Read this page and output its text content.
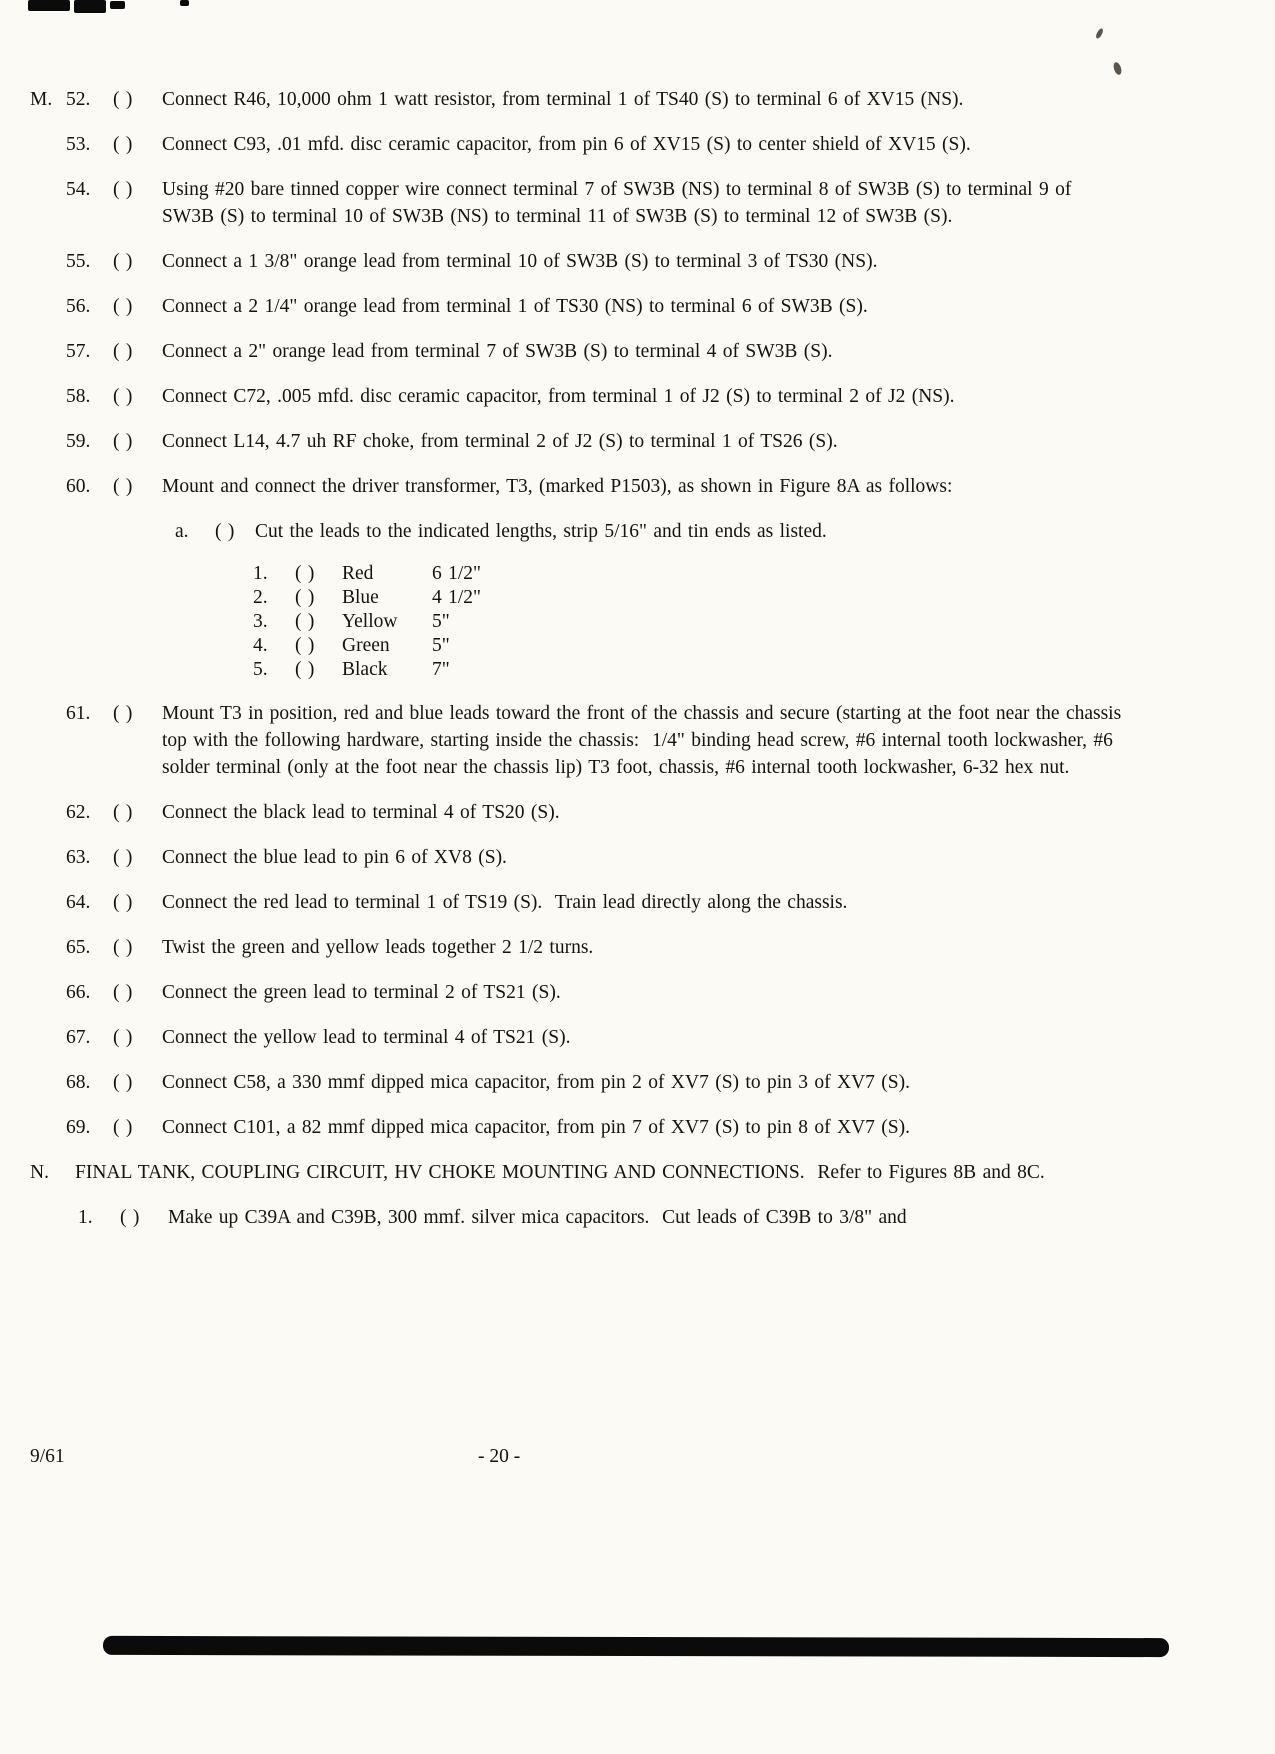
M. 52.	( )	Connect R46, 10,000 ohm 1 watt resistor, from terminal 1 of TS40 (S) to terminal 6 of XV15 (NS).
53.	( )	Connect C93, .01 mfd. disc ceramic capacitor, from pin 6 of XV15 (S) to center shield of XV15 (S).
54.	( )	Using #20 bare tinned copper wire connect terminal 7 of SW3B (NS) to terminal 8 of SW3B (S) to terminal 9 of SW3B (S) to terminal 10 of SW3B (NS) to terminal 11 of SW3B (S) to terminal 12 of SW3B (S).
55.	( )	Connect a 1 3/8" orange lead from terminal 10 of SW3B (S) to terminal 3 of TS30 (NS).
56.	( )	Connect a 2 1/4" orange lead from terminal 1 of TS30 (NS) to terminal 6 of SW3B (S).
57.	( )	Connect a 2" orange lead from terminal 7 of SW3B (S) to terminal 4 of SW3B (S).
58.	( )	Connect C72, .005 mfd. disc ceramic capacitor, from terminal 1 of J2 (S) to terminal 2 of J2 (NS).
59.	( )	Connect L14, 4.7 uh RF choke, from terminal 2 of J2 (S) to terminal 1 of TS26 (S).
60.	( )	Mount and connect the driver transformer, T3, (marked P1503), as shown in Figure 8A as follows:
a.	( )	Cut the leads to the indicated lengths, strip 5/16" and tin ends as listed.
1.	( )	Red	6 1/2"
2.	( )	Blue	4 1/2"
3.	( )	Yellow	5"
4.	( )	Green	5"
5.	( )	Black	7"
61.	( )	Mount T3 in position, red and blue leads toward the front of the chassis and secure (starting at the foot near the chassis top with the following hardware, starting inside the chassis:  1/4" binding head screw, #6 internal tooth lockwasher, #6 solder terminal (only at the foot near the chassis lip) T3 foot, chassis, #6 internal tooth lockwasher, 6-32 hex nut.
62.	( )	Connect the black lead to terminal 4 of TS20 (S).
63.	( )	Connect the blue lead to pin 6 of XV8 (S).
64.	( )	Connect the red lead to terminal 1 of TS19 (S).  Train lead directly along the chassis.
65.	( )	Twist the green and yellow leads together 2 1/2 turns.
66.	( )	Connect the green lead to terminal 2 of TS21 (S).
67.	( )	Connect the yellow lead to terminal 4 of TS21 (S).
68.	( )	Connect C58, a 330 mmf dipped mica capacitor, from pin 2 of XV7 (S) to pin 3 of XV7 (S).
69.	( )	Connect C101, a 82 mmf dipped mica capacitor, from pin 7 of XV7 (S) to pin 8 of XV7 (S).
N.	FINAL TANK, COUPLING CIRCUIT, HV CHOKE MOUNTING AND CONNECTIONS.  Refer to Figures 8B and 8C.
1.	( )	Make up C39A and C39B, 300 mmf. silver mica capacitors.  Cut leads of C39B to 3/8" and
9/61	- 20 -
